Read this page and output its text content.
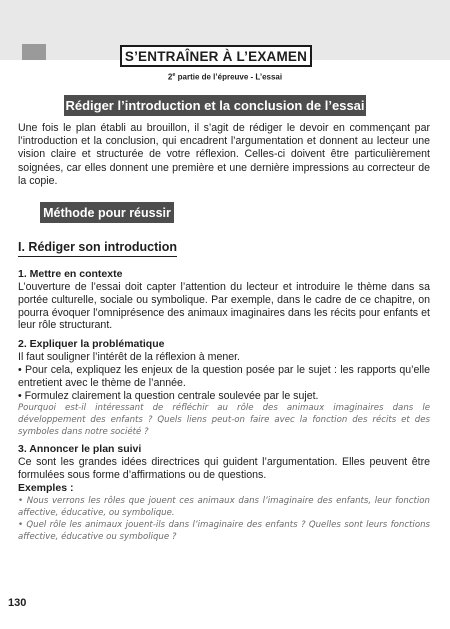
S’ENTRAÎNER À L’EXAMEN
2e partie de l’épreuve - L’essai
Rédiger l’introduction et la conclusion de l’essai

Une fois le plan établi au brouillon, il s’agit de rédiger le devoir en commençant par l’introduction et la conclusion, qui encadrent l’argumentation et donnent au lecteur une vision claire et structurée de votre réflexion. Celles-ci doivent être particulièrement soignées, car elles donnent une première et une dernière impressions au correcteur de la copie.

Méthode pour réussir
I. Rédiger son introduction
1. Mettre en contexte

L’ouverture de l’essai doit capter l’attention du lecteur et introduire le thème dans sa portée culturelle, sociale ou symbolique. Par exemple, dans le cadre de ce chapitre, on pourra évoquer l’omniprésence des animaux imaginaires dans les récits pour enfants et leur rôle structurant.

2. Expliquer la problématique

Il faut souligner l’intérêt de la réflexion à mener.

• Pour cela, expliquez les enjeux de la question posée par le sujet : les rapports qu’elle entretient avec le thème de l’année.

• Formulez clairement la question centrale soulevée par le sujet.

Pourquoi est-il intéressant de réfléchir au rôle des animaux imaginaires dans le développement des enfants ? Quels liens peut-on faire avec la fonction des récits et des symboles dans notre société ?

3. Annoncer le plan suivi

Ce sont les grandes idées directrices qui guident l’argumentation. Elles peuvent être formulées sous forme d’affirmations ou de questions.

Exemples :

• Nous verrons les rôles que jouent ces animaux dans l’imaginaire des enfants, leur fonction affective, éducative, ou symbolique.

• Quel rôle les animaux jouent-ils dans l’imaginaire des enfants ? Quelles sont leurs fonctions affective, éducative ou symbolique ?

130
